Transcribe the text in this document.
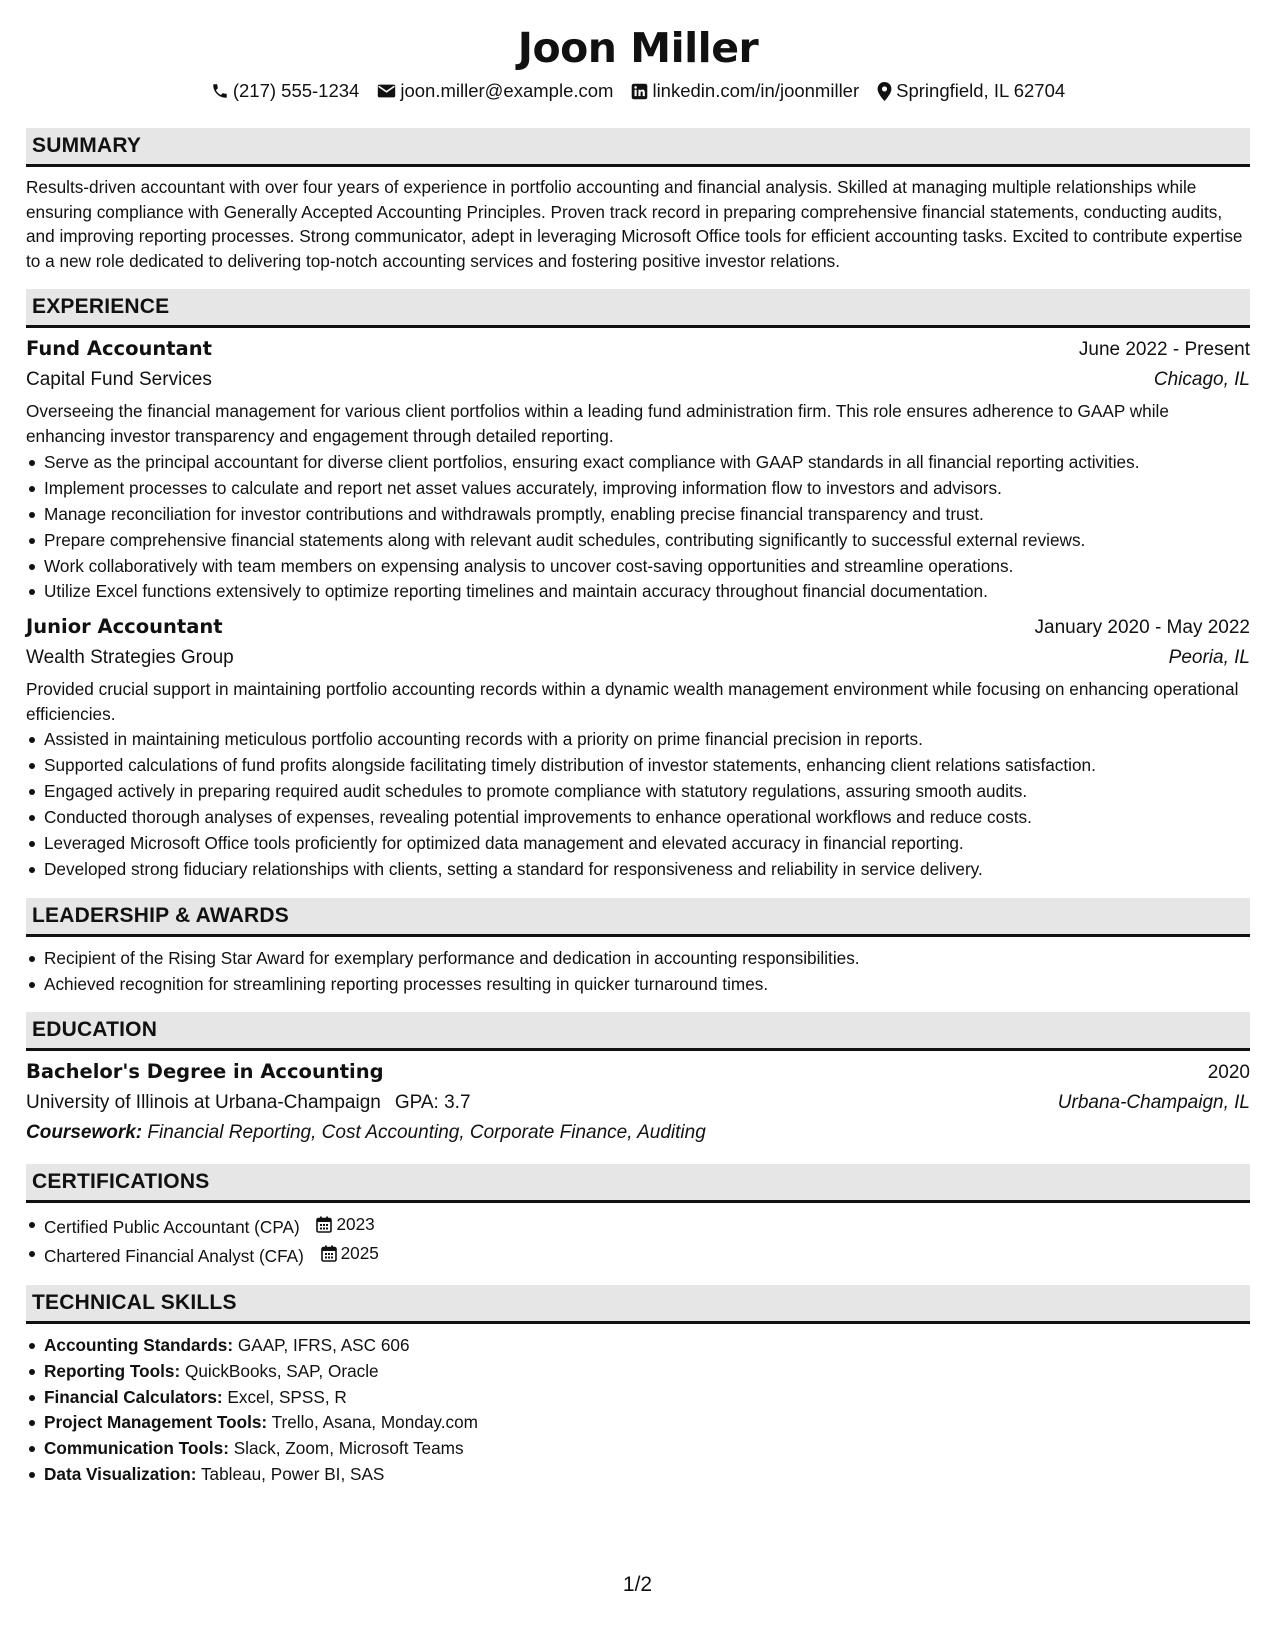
Joon Miller
(217) 555-1234 joon.miller@example.com linkedin.com/in/joonmiller Springfield, IL 62704
SUMMARY

Results-driven accountant with over four years of experience in portfolio accounting and financial analysis. Skilled at managing multiple relationships while ensuring compliance with Generally Accepted Accounting Principles. Proven track record in preparing comprehensive financial statements, conducting audits, and improving reporting processes. Strong communicator, adept in leveraging Microsoft Office tools for efficient accounting tasks. Excited to contribute expertise to a new role dedicated to delivering top-notch accounting services and fostering positive investor relations.

EXPERIENCE
Fund Accountant	June 2022 - Present
Capital Fund Services	Chicago, IL

Overseeing the financial management for various client portfolios within a leading fund administration firm. This role ensures adherence to GAAP while enhancing investor transparency and engagement through detailed reporting.

Serve as the principal accountant for diverse client portfolios, ensuring exact compliance with GAAP standards in all financial reporting activities.
Implement processes to calculate and report net asset values accurately, improving information flow to investors and advisors.
Manage reconciliation for investor contributions and withdrawals promptly, enabling precise financial transparency and trust.
Prepare comprehensive financial statements along with relevant audit schedules, contributing significantly to successful external reviews.
Work collaboratively with team members on expensing analysis to uncover cost-saving opportunities and streamline operations.
Utilize Excel functions extensively to optimize reporting timelines and maintain accuracy throughout financial documentation.
Junior Accountant	January 2020 - May 2022
Wealth Strategies Group	Peoria, IL

Provided crucial support in maintaining portfolio accounting records within a dynamic wealth management environment while focusing on enhancing operational efficiencies.

Assisted in maintaining meticulous portfolio accounting records with a priority on prime financial precision in reports.
Supported calculations of fund profits alongside facilitating timely distribution of investor statements, enhancing client relations satisfaction.
Engaged actively in preparing required audit schedules to promote compliance with statutory regulations, assuring smooth audits.
Conducted thorough analyses of expenses, revealing potential improvements to enhance operational workflows and reduce costs.
Leveraged Microsoft Office tools proficiently for optimized data management and elevated accuracy in financial reporting.
Developed strong fiduciary relationships with clients, setting a standard for responsiveness and reliability in service delivery.
LEADERSHIP & AWARDS
Recipient of the Rising Star Award for exemplary performance and dedication in accounting responsibilities.
Achieved recognition for streamlining reporting processes resulting in quicker turnaround times.
EDUCATION
Bachelor's Degree in Accounting	2020
University of Illinois at Urbana-Champaign GPA: 3.7	Urbana-Champaign, IL
Coursework: Financial Reporting, Cost Accounting, Corporate Finance, Auditing
CERTIFICATIONS
Certified Public Accountant (CPA) 2023
Chartered Financial Analyst (CFA) 2025
TECHNICAL SKILLS
Accounting Standards: GAAP, IFRS, ASC 606
Reporting Tools: QuickBooks, SAP, Oracle
Financial Calculators: Excel, SPSS, R
Project Management Tools: Trello, Asana, Monday.com
Communication Tools: Slack, Zoom, Microsoft Teams
Data Visualization: Tableau, Power BI, SAS
1/2
